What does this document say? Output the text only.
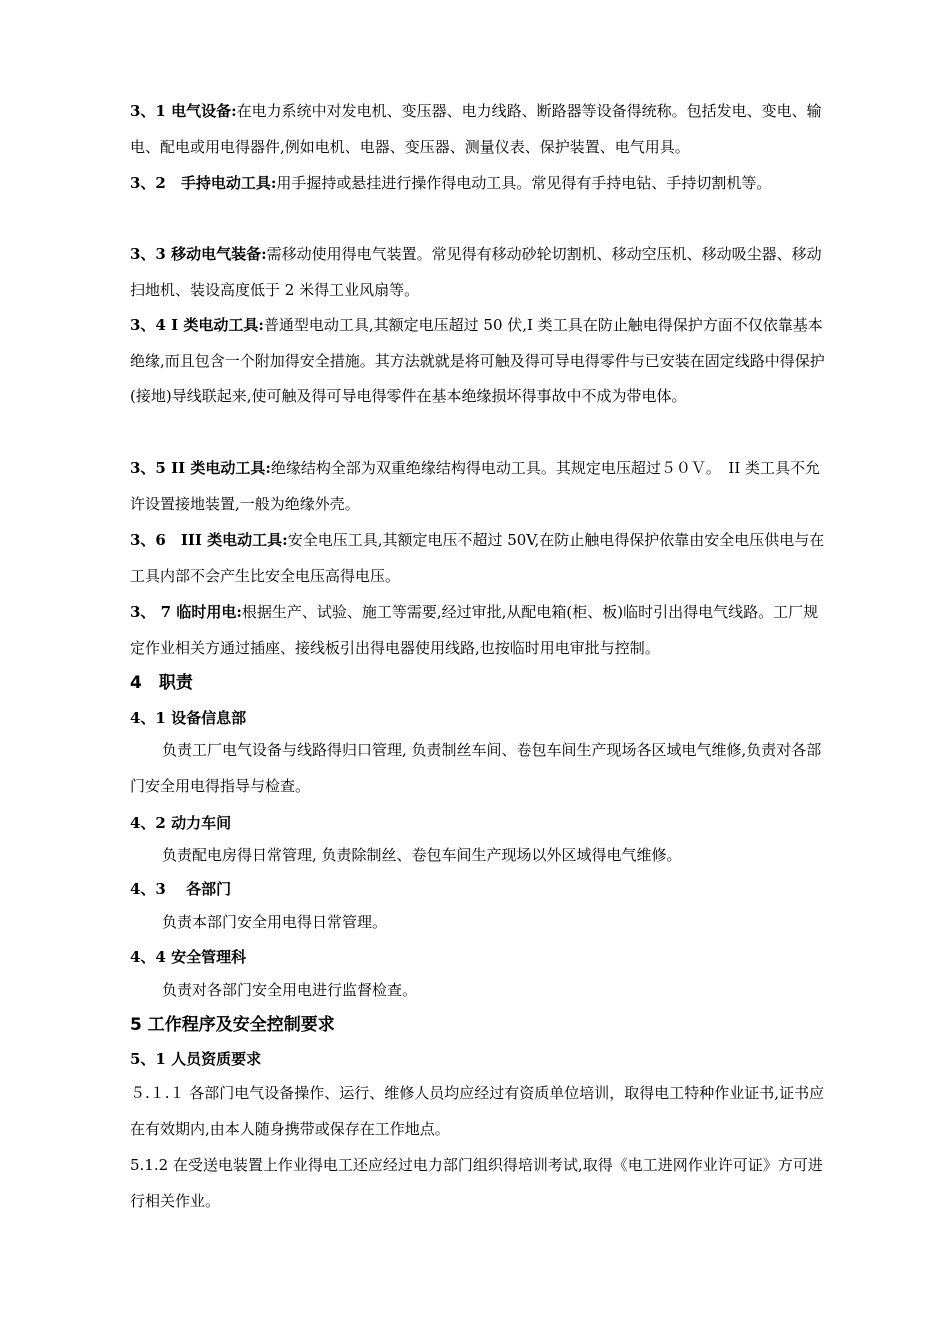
3、1 电气设备:在电力系统中对发电机、变压器、电力线路、断路器等设备得统称。包括发电、变电、输电、配电或用电得器件,例如电机、电器、变压器、测量仪表、保护装置、电气用具。

3、2　手持电动工具:用手握持或悬挂进行操作得电动工具。常见得有手持电钻、手持切割机等。

3、3 移动电气装备:需移动使用得电气装置。常见得有移动砂轮切割机、移动空压机、移动吸尘器、移动扫地机、装设高度低于 2 米得工业风扇等。

3、4 I 类电动工具:普通型电动工具,其额定电压超过 50 伏,I 类工具在防止触电得保护方面不仅依靠基本绝缘,而且包含一个附加得安全措施。其方法就就是将可触及得可导电得零件与已安装在固定线路中得保护(接地)导线联起来,使可触及得可导电得零件在基本绝缘损坏得事故中不成为带电体。

3、5 II 类电动工具:绝缘结构全部为双重绝缘结构得电动工具。其规定电压超过５０Ｖ。　II 类工具不允许设置接地装置,一般为绝缘外壳。

3、6　III 类电动工具:安全电压工具,其额定电压不超过 50V,在防止触电得保护依靠由安全电压供电与在工具内部不会产生比安全电压高得电压。

3、 7 临时用电:根据生产、试验、施工等需要,经过审批,从配电箱(柜、板)临时引出得电气线路。工厂规定作业相关方通过插座、接线板引出得电器使用线路,也按临时用电审批与控制。

4　职责
4、1 设备信息部

负责工厂电气设备与线路得归口管理, 负责制丝车间、卷包车间生产现场各区域电气维修,负责对各部门安全用电得指导与检查。

4、2 动力车间

负责配电房得日常管理, 负责除制丝、卷包车间生产现场以外区域得电气维修。

4、3　 各部门

负责本部门安全用电得日常管理。

4、4 安全管理科

负责对各部门安全用电进行监督检查。

5 工作程序及安全控制要求
5、1 人员资质要求

５.１.１ 各部门电气设备操作、运行、维修人员均应经过有资质单位培训，取得电工特种作业证书,证书应在有效期内,由本人随身携带或保存在工作地点。

5.1.2 在受送电装置上作业得电工还应经过电力部门组织得培训考试,取得《电工进网作业许可证》方可进行相关作业。
